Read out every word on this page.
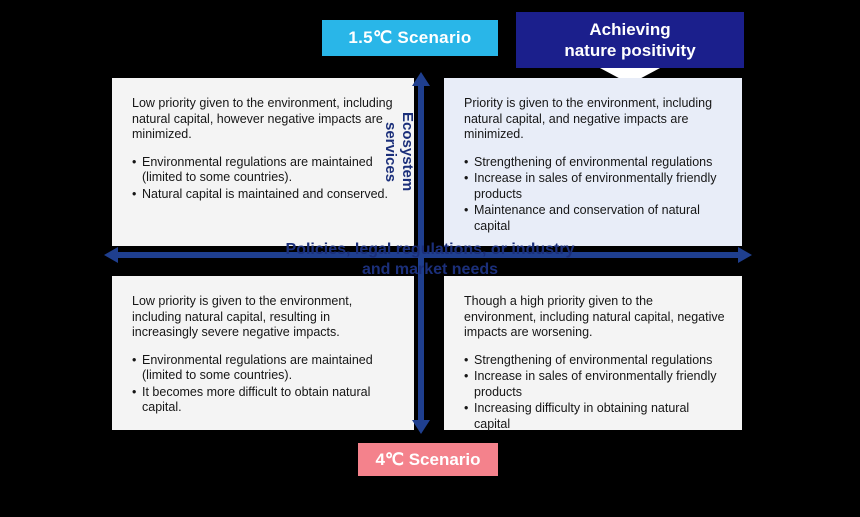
1.5℃ Scenario	Achieving
nature positivity

Low priority given to the environment, including natural capital, however negative impacts are minimized.

• Environmental regulations are maintained (limited to some countries).
• Natural capital is maintained and conserved.

Priority is given to the environment, including natural capital, and negative impacts are minimized.

• Strengthening of environmental regulations
• Increase in sales of environmentally friendly products
• Maintenance and conservation of natural capital

Low priority is given to the environment, including natural capital, resulting in increasingly severe negative impacts.

• Environmental regulations are maintained (limited to some countries).
• It becomes more difficult to obtain natural capital.

Though a high priority given to the environment, including natural capital, negative impacts are worsening.

• Strengthening of environmental regulations
• Increase in sales of environmentally friendly products
• Increasing difficulty in obtaining natural capital
Policies, legal regulations, or industry
and market needs
Ecosystem
services
4℃ Scenario
